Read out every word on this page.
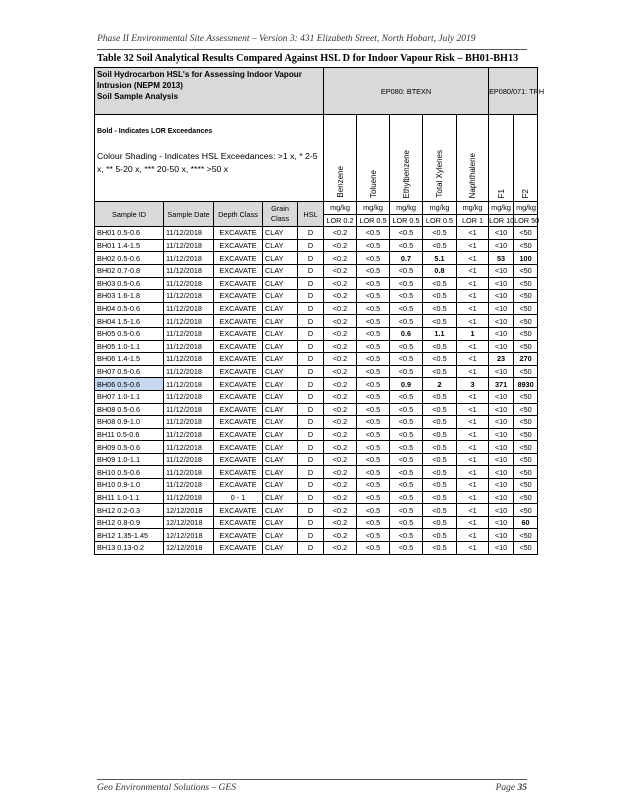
Phase II Environmental Site Assessment – Version 3: 431 Elizabeth Street, North Hobart, July 2019
Table 32 Soil Analytical Results Compared Against HSL D for Indoor Vapour Risk – BH01-BH13
Soil Hydrocarbon HSL's for Assessing Indoor Vapour Intrusion (NEPM 2013)
Soil Sample Analysis					EP080: BTEXN					EP080/071: TRH	

Bold - Indicates LOR Exceedances
Colour Shading - Indicates HSL Exceedances: >1 x, * 2-5 x, ** 5-20 x, *** 20-50 x, **** >50 x					Benzene	Toluene	Ethylbenzene	Total Xylenes	Naphthalene	F1	F2
Sample ID	Sample Date	Depth Class	Grain Class	HSL	mg/kg	mg/kg	mg/kg	mg/kg	mg/kg	mg/kg	mg/kg
					LOR 0.2	LOR 0.5	LOR 0.5	LOR 0.5	LOR 1	LOR 10	LOR 50
BH01 0.5-0.6	11/12/2018	EXCAVATE	CLAY	D	<0.2	<0.5	<0.5	<0.5	<1	<10	<50
BH01 1.4-1.5	11/12/2018	EXCAVATE	CLAY	D	<0.2	<0.5	<0.5	<0.5	<1	<10	<50
BH02 0.5-0.6	11/12/2018	EXCAVATE	CLAY	D	<0.2	<0.5	0.7	5.1	<1	53	100
BH02 0.7-0.8	11/12/2018	EXCAVATE	CLAY	D	<0.2	<0.5	<0.5	0.8	<1	<10	<50
BH03 0.5-0.6	11/12/2018	EXCAVATE	CLAY	D	<0.2	<0.5	<0.5	<0.5	<1	<10	<50
BH03 1.6-1.8	11/12/2018	EXCAVATE	CLAY	D	<0.2	<0.5	<0.5	<0.5	<1	<10	<50
BH04 0.5-0.6	11/12/2018	EXCAVATE	CLAY	D	<0.2	<0.5	<0.5	<0.5	<1	<10	<50
BH04 1.5-1.6	11/12/2018	EXCAVATE	CLAY	D	<0.2	<0.5	<0.5	<0.5	<1	<10	<50
BH05 0.5-0.6	11/12/2018	EXCAVATE	CLAY	D	<0.2	<0.5	0.6	1.1	1	<10	<50
BH05 1.0-1.1	11/12/2018	EXCAVATE	CLAY	D	<0.2	<0.5	<0.5	<0.5	<1	<10	<50
BH06 1.4-1.5	11/12/2018	EXCAVATE	CLAY	D	<0.2	<0.5	<0.5	<0.5	<1	23	270
BH07 0.5-0.6	11/12/2018	EXCAVATE	CLAY	D	<0.2	<0.5	<0.5	<0.5	<1	<10	<50
BH06 0.5-0.6	11/12/2018	EXCAVATE	CLAY	D	<0.2	<0.5	0.9	2	3	371	8930
BH07 1.0-1.1	11/12/2018	EXCAVATE	CLAY	D	<0.2	<0.5	<0.5	<0.5	<1	<10	<50
BH08 0.5-0.6	11/12/2018	EXCAVATE	CLAY	D	<0.2	<0.5	<0.5	<0.5	<1	<10	<50
BH08 0.9-1.0	11/12/2018	EXCAVATE	CLAY	D	<0.2	<0.5	<0.5	<0.5	<1	<10	<50
BH11 0.5-0.6	11/12/2018	EXCAVATE	CLAY	D	<0.2	<0.5	<0.5	<0.5	<1	<10	<50
BH09 0.5-0.6	11/12/2018	EXCAVATE	CLAY	D	<0.2	<0.5	<0.5	<0.5	<1	<10	<50
BH09 1.0-1.1	11/12/2018	EXCAVATE	CLAY	D	<0.2	<0.5	<0.5	<0.5	<1	<10	<50
BH10 0.5-0.6	11/12/2018	EXCAVATE	CLAY	D	<0.2	<0.5	<0.5	<0.5	<1	<10	<50
BH10 0.9-1.0	11/12/2018	EXCAVATE	CLAY	D	<0.2	<0.5	<0.5	<0.5	<1	<10	<50
BH11 1.0-1.1	11/12/2018	0 - 1	CLAY	D	<0.2	<0.5	<0.5	<0.5	<1	<10	<50
BH12 0.2-0.3	12/12/2018	EXCAVATE	CLAY	D	<0.2	<0.5	<0.5	<0.5	<1	<10	<50
BH12 0.8-0.9	12/12/2018	EXCAVATE	CLAY	D	<0.2	<0.5	<0.5	<0.5	<1	<10	60
BH12 1.35-1.45	12/12/2018	EXCAVATE	CLAY	D	<0.2	<0.5	<0.5	<0.5	<1	<10	<50
BH13 0.13-0.2	12/12/2018	EXCAVATE	CLAY	D	<0.2	<0.5	<0.5	<0.5	<1	<10	<50
Geo Environmental Solutions – GES	Page 35
